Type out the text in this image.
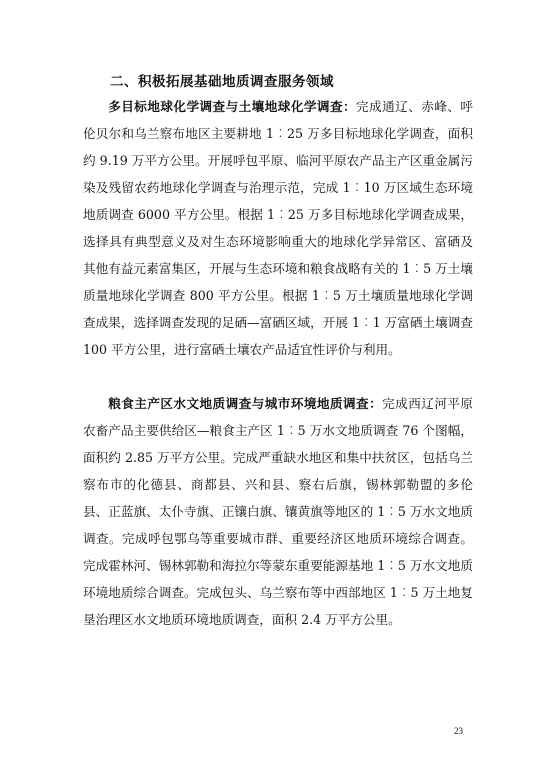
二、积极拓展基础地质调查服务领域

多目标地球化学调查与土壤地球化学调查：完成通辽、赤峰、呼伦贝尔和乌兰察布地区主要耕地 1︰25 万多目标地球化学调查，面积约 9.19 万平方公里。开展呼包平原、临河平原农产品主产区重金属污染及残留农药地球化学调查与治理示范，完成 1︰10 万区域生态环境地质调查 6000 平方公里。根据 1︰25 万多目标地球化学调查成果，选择具有典型意义及对生态环境影响重大的地球化学异常区、富硒及其他有益元素富集区，开展与生态环境和粮食战略有关的 1︰5 万土壤质量地球化学调查 800 平方公里。根据 1︰5 万土壤质量地球化学调查成果，选择调查发现的足硒—富硒区域，开展 1︰1 万富硒土壤调查 100 平方公里，进行富硒土壤农产品适宜性评价与利用。

粮食主产区水文地质调查与城市环境地质调查：完成西辽河平原农畜产品主要供给区—粮食主产区 1︰5 万水文地质调查 76 个图幅，面积约 2.85 万平方公里。完成严重缺水地区和集中扶贫区，包括乌兰察布市的化德县、商都县、兴和县、察右后旗，锡林郭勒盟的多伦县、正蓝旗、太仆寺旗、正镶白旗、镶黄旗等地区的 1︰5 万水文地质调查。完成呼包鄂乌等重要城市群、重要经济区地质环境综合调查。完成霍林河、锡林郭勒和海拉尔等蒙东重要能源基地 1︰5 万水文地质环境地质综合调查。完成包头、乌兰察布等中西部地区 1︰5 万土地复垦治理区水文地质环境地质调查，面积 2.4 万平方公里。

23
